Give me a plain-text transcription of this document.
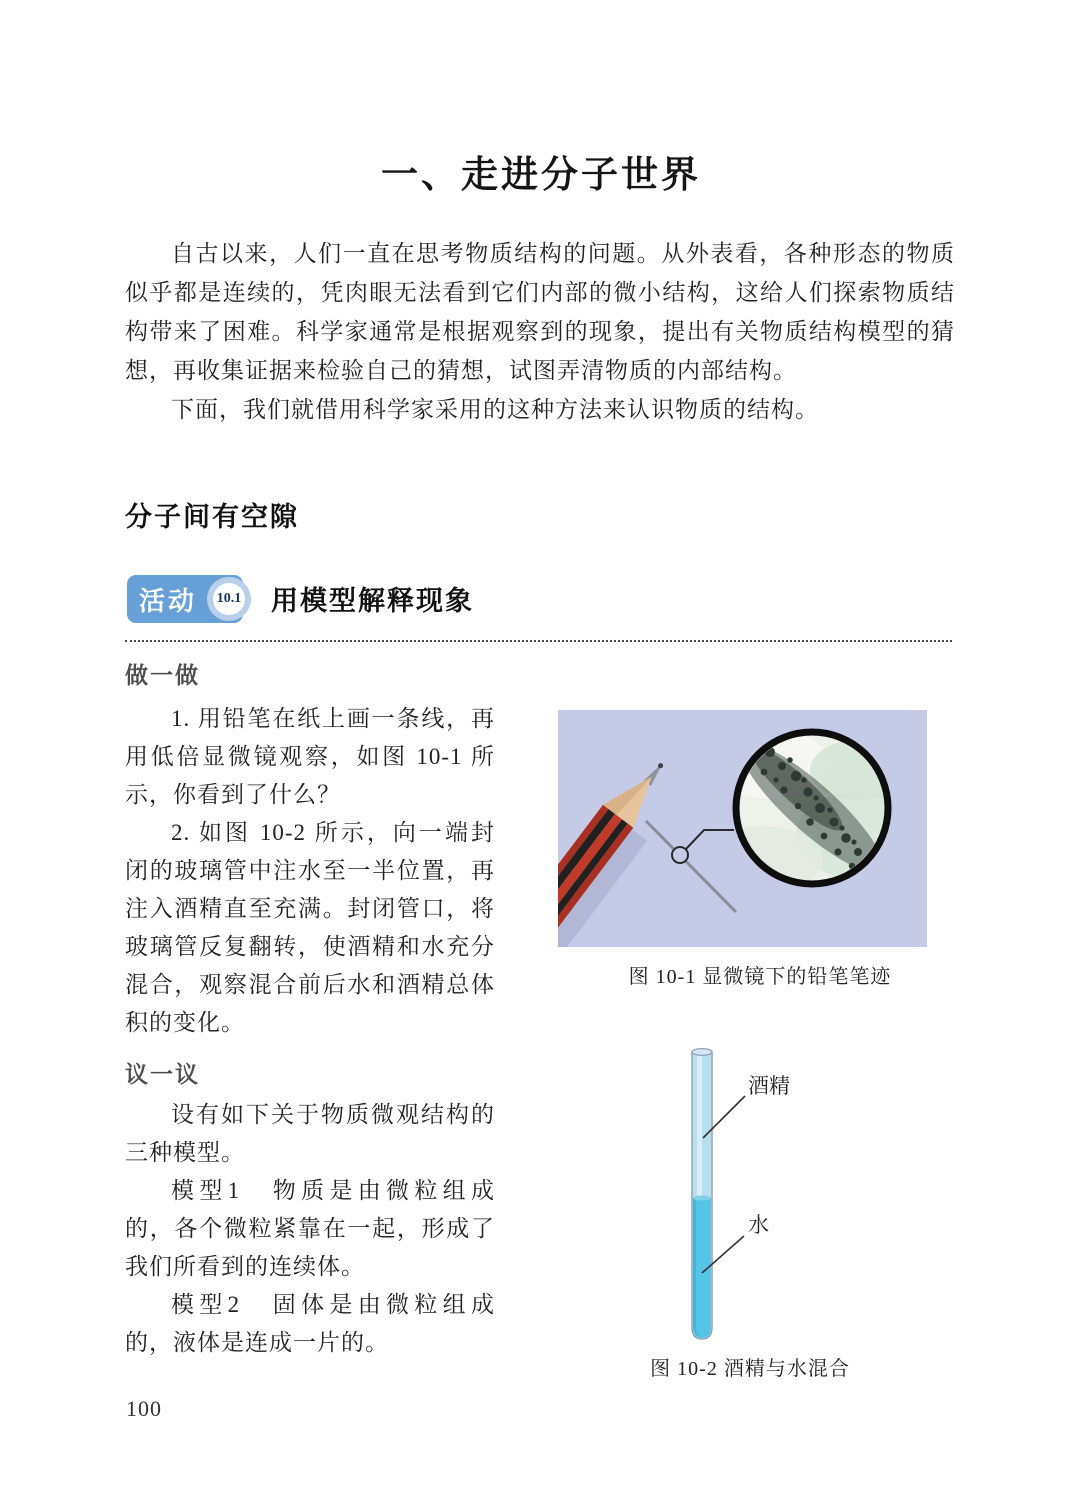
一、走进分子世界

自古以来，人们一直在思考物质结构的问题。从外表看，各种形态的物质似乎都是连续的，凭肉眼无法看到它们内部的微小结构，这给人们探索物质结构带来了困难。科学家通常是根据观察到的现象，提出有关物质结构模型的猜想，再收集证据来检验自己的猜想，试图弄清物质的内部结构。

下面，我们就借用科学家采用的这种方法来认识物质的结构。

分子间有空隙
活动	10.1 用模型解释现象
做一做

1. 用铅笔在纸上画一条线，再用低倍显微镜观察，如图 10-1 所示，你看到了什么？

2. 如图 10-2 所示，向一端封闭的玻璃管中注水至一半位置，再注入酒精直至充满。封闭管口，将玻璃管反复翻转，使酒精和水充分混合，观察混合前后水和酒精总体积的变化。

议一议

设有如下关于物质微观结构的三种模型。

模型1　物质是由微粒组成的，各个微粒紧靠在一起，形成了我们所看到的连续体。

模型2　固体是由微粒组成的，液体是连成一片的。

图 10-1 显微镜下的铅笔笔迹
酒精
水
图 10-2 酒精与水混合
100
